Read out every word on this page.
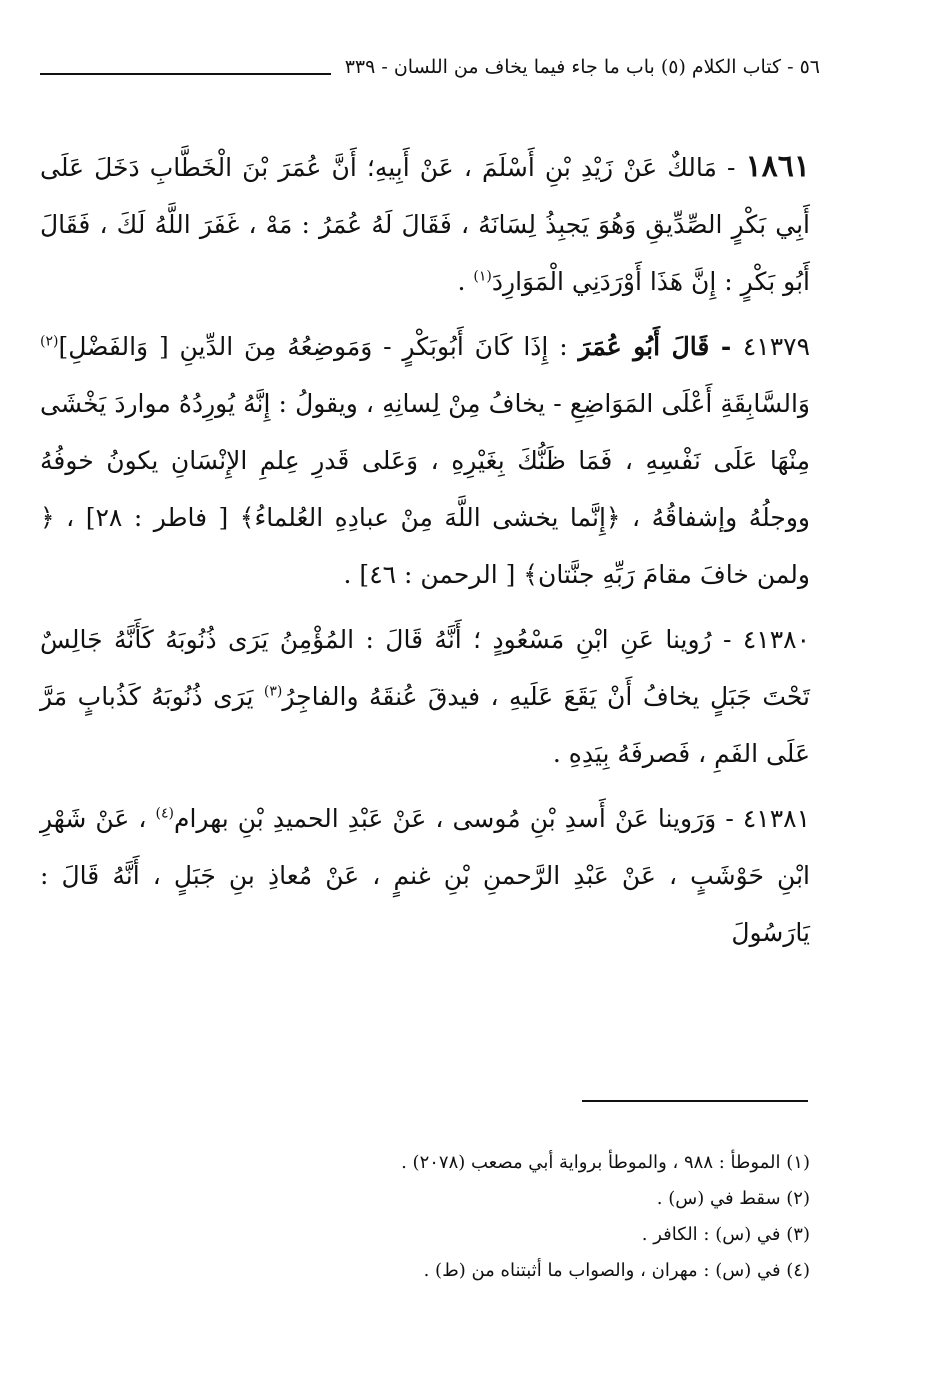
٥٦ - كتاب الكلام (٥) باب ما جاء فيما يخاف من اللسان - ٣٣٩

١٨٦١ - مَالكٌ عَنْ زَيْدِ بْنِ أَسْلَمَ ، عَنْ أَبِيهِ؛ أَنَّ عُمَرَ بْنَ الْخَطَّابِ دَخَلَ عَلَى أَبِي بَكْرٍ الصِّدِّيقِ وَهُوَ يَجبِذُ لِسَانَهُ ، فَقَالَ لَهُ عُمَرُ : مَهْ ، غَفَرَ اللَّهُ لَكَ ، فَقَالَ أَبُو بَكْرٍ : إِنَّ هَذَا أَوْرَدَنِي الْمَوَارِدَ$^{(١)}$ .

٤١٣٧٩ - قَالَ أَبُو عُمَرَ : إِذَا كَانَ أَبُوبَكْرٍ - وَمَوضِعُهُ مِنَ الدِّينِ [ وَالفَضْلِ]$^{(٢)}$ وَالسَّابِقَةِ أَعْلَى المَوَاضِعِ - يخافُ مِنْ لِسانِهِ ، ويقولُ : إِنَّهُ يُورِدُهُ مواردَ يَخْشَى مِنْهَا عَلَى نَفْسِهِ ، فَمَا ظَنُّكَ بِغَيْرِهِ ، وَعَلى قَدرِ عِلمِ الإِنْسَانِ يكونُ خوفُهُ ووجلُهُ وإشفاقُهُ ، ﴿إِنَّما يخشى اللَّهَ مِنْ عبادِهِ العُلماءُ﴾ [ فاطر : ٢٨] ، ﴿ ولمن خافَ مقامَ رَبِّهِ جنَّتان﴾ [ الرحمن : ٤٦] .

٤١٣٨٠ - رُوينا عَنِ ابْنِ مَسْعُودٍ ؛ أَنَّهُ قَالَ : المُؤْمِنُ يَرَى ذُنُوبَهُ كَأَنَّهُ جَالِسٌ تَحْتَ جَبَلٍ يخافُ أَنْ يَقَعَ عَلَيهِ ، فيدقَ عُنقَهُ والفاجِرُ$^{(٣)}$ يَرَى ذُنُوبَهُ كَذُبابٍ مَرَّ عَلَى الفَمِ ، فَصرفَهُ بِيَدِهِ .

٤١٣٨١ - وَرَوينا عَنْ أَسدِ بْنِ مُوسى ، عَنْ عَبْدِ الحميدِ بْنِ بهرام$^{(٤)}$ ، عَنْ شَهْرِ ابْنِ حَوْشَبٍ ، عَنْ عَبْدِ الرَّحمنِ بْنِ غنمٍ ، عَنْ مُعاذِ بنِ جَبَلٍ ، أَنَّهُ قَالَ : يَارَسُولَ

(١) الموطأ : ٩٨٨ ، والموطأ برواية أبي مصعب (٢٠٧٨) .

(٢) سقط في (س) .

(٣) في (س) : الكافر .

(٤) في (س) : مهران ، والصواب ما أثبتناه من (ط) .
